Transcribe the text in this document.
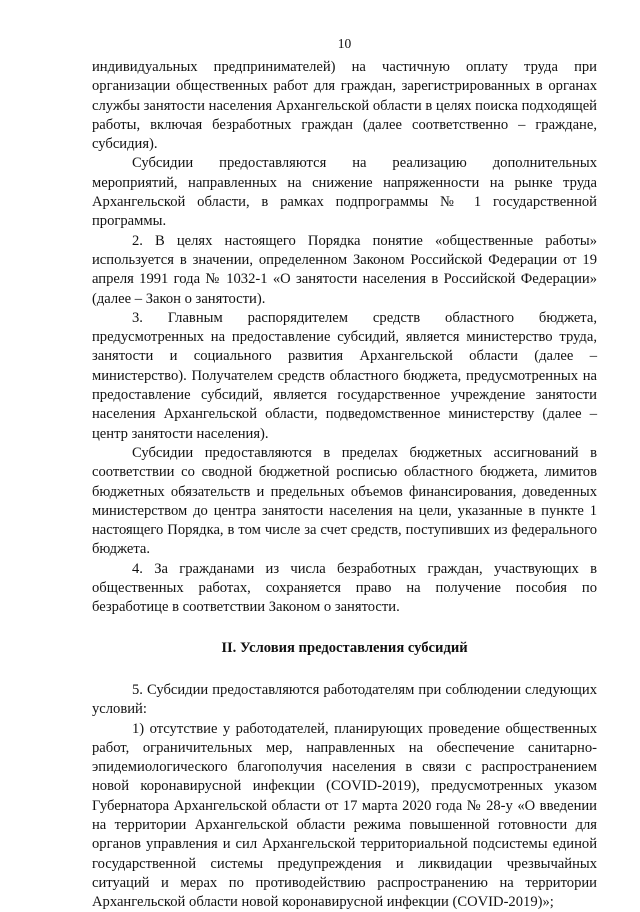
10

индивидуальных предпринимателей) на частичную оплату труда при организации общественных работ для граждан, зарегистрированных в органах службы занятости населения Архангельской области в целях поиска подходящей работы, включая безработных граждан (далее соответственно – граждане, субсидия).

Субсидии предоставляются на реализацию дополнительных мероприятий, направленных на снижение напряженности на рынке труда Архангельской области, в рамках подпрограммы № 1 государственной программы.

2. В целях настоящего Порядка понятие «общественные работы» используется в значении, определенном Законом Российской Федерации от 19 апреля 1991 года № 1032-1 «О занятости населения в Российской Федерации» (далее – Закон о занятости).

3. Главным распорядителем средств областного бюджета, предусмотренных на предоставление субсидий, является министерство труда, занятости и социального развития Архангельской области (далее – министерство). Получателем средств областного бюджета, предусмотренных на предоставление субсидий, является государственное учреждение занятости населения Архангельской области, подведомственное министерству (далее – центр занятости населения).

Субсидии предоставляются в пределах бюджетных ассигнований в соответствии со сводной бюджетной росписью областного бюджета, лимитов бюджетных обязательств и предельных объемов финансирования, доведенных министерством до центра занятости населения на цели, указанные в пункте 1 настоящего Порядка, в том числе за счет средств, поступивших из федерального бюджета.

4. За гражданами из числа безработных граждан, участвующих в общественных работах, сохраняется право на получение пособия по безработице в соответствии Законом о занятости.

II. Условия предоставления субсидий

5. Субсидии предоставляются работодателям при соблюдении следующих условий:

1) отсутствие у работодателей, планирующих проведение общественных работ, ограничительных мер, направленных на обеспечение санитарно-эпидемиологического благополучия населения в связи с распространением новой коронавирусной инфекции (COVID-2019), предусмотренных указом Губернатора Архангельской области от 17 марта 2020 года № 28-у «О введении на территории Архангельской области режима повышенной готовности для органов управления и сил Архангельской территориальной подсистемы единой государственной системы предупреждения и ликвидации чрезвычайных ситуаций и мерах по противодействию распространению на территории Архангельской области новой коронавирусной инфекции (COVID-2019)»;
